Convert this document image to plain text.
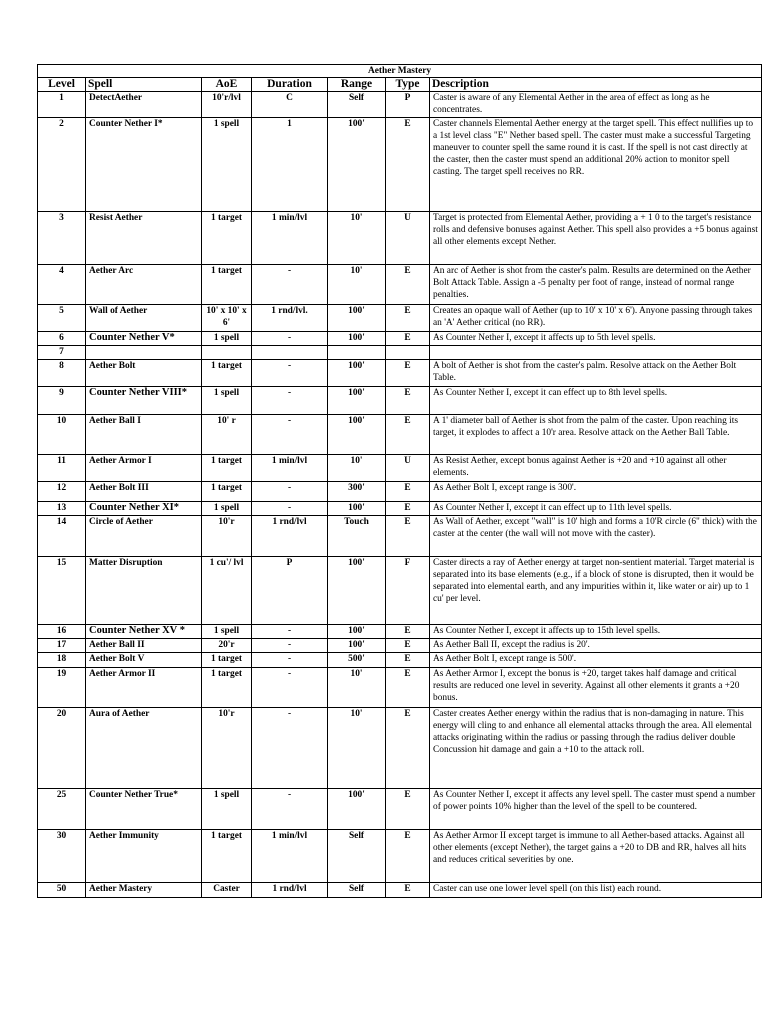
Aether Mastery						
Level	Spell	AoE	Duration	Range	Type	Description
1	DetectAether	10'r/lvl	C	Self	P	Caster is aware of any Elemental Aether in the area of effect as long as he concentrates.
2	Counter Nether I*	1 spell	1	100'	E	Caster channels Elemental Aether energy at the target spell. This effect nullifies up to a 1st level class "E" Nether based spell. The caster must make a successful Targeting maneuver to counter spell the same round it is cast. If the spell is not cast directly at the caster, then the caster must spend an additional 20% action to monitor spell casting. The target spell receives no RR.
3	Resist Aether	1 target	1 min/lvl	10'	U	Target is protected from Elemental Aether, providing a + 1 0 to the target's resistance rolls and defensive bonuses against Aether. This spell also provides a +5 bonus against all other elements except Nether.
4	Aether Arc	1 target	-	10'	E	An arc of Aether is shot from the caster's palm. Results are determined on the Aether Bolt Attack Table. Assign a -5 penalty per foot of range, instead of normal range penalties.
5	Wall of Aether	10' x 10' x 6'	1 rnd/lvl.	100'	E	Creates an opaque wall of Aether (up to 10' x 10' x 6'). Anyone passing through takes an 'A' Aether critical (no RR).
6	Counter Nether V*	1 spell	-	100'	E	As Counter Nether I, except it affects up to 5th level spells.
7						
8	Aether Bolt	1 target	-	100'	E	A bolt of Aether is shot from the caster's palm. Resolve attack on the Aether Bolt Table.
9	Counter Nether VIII*	1 spell	-	100'	E	As Counter Nether I, except it can effect up to 8th level spells.
10	Aether Ball I	10' r	-	100'	E	A 1' diameter ball of Aether is shot from the palm of the caster. Upon reaching its target, it explodes to affect a 10'r area. Resolve attack on the Aether Ball Table.
11	Aether Armor I	1 target	1 min/lvl	10'	U	As Resist Aether, except bonus against Aether is +20 and +10 against all other elements.
12	Aether Bolt III	1 target	-	300'	E	As Aether Bolt I, except range is 300'.
13	Counter Nether XI*	1 spell	-	100'	E	As Counter Nether I, except it can effect up to 11th level spells.
14	Circle of Aether	10'r	1 rnd/lvl	Touch	E	As Wall of Aether, except "wall" is 10' high and forms a 10'R circle (6" thick) with the caster at the center (the wall will not move with the caster).
15	Matter Disruption	1 cu'/ lvl	P	100'	F	Caster directs a ray of Aether energy at target non-sentient material. Target material is separated into its base elements (e.g., if a block of stone is disrupted, then it would be separated into elemental earth, and any impurities within it, like water or air) up to 1 cu' per level.
16	Counter Nether XV *	1 spell	-	100'	E	As Counter Nether I, except it affects up to 15th level spells.
17	Aether Ball II	20'r	-	100'	E	As Aether Ball II, except the radius is 20'.
18	Aether Bolt V	1 target	-	500'	E	As Aether Bolt I, except range is 500'.
19	Aether Armor II	1 target	-	10'	E	As Aether Armor I, except the bonus is +20, target takes half damage and critical results are reduced one level in severity. Against all other elements it grants a +20 bonus.
20	Aura of Aether	10'r	-	10'	E	Caster creates Aether energy within the radius that is non-damaging in nature. This energy will cling to and enhance all elemental attacks through the area. All elemental attacks originating within the radius or passing through the radius deliver double Concussion hit damage and gain a +10 to the attack roll.
25	Counter Nether True*	1 spell	-	100'	E	As Counter Nether I, except it affects any level spell. The caster must spend a number of power points 10% higher than the level of the spell to be countered.
30	Aether Immunity	1 target	1 min/lvl	Self	E	As Aether Armor II except target is immune to all Aether-based attacks. Against all other elements (except Nether), the target gains a +20 to DB and RR, halves all hits and reduces critical severities by one.
50	Aether Mastery	Caster	1 rnd/lvl	Self	E	Caster can use one lower level spell (on this list) each round.
